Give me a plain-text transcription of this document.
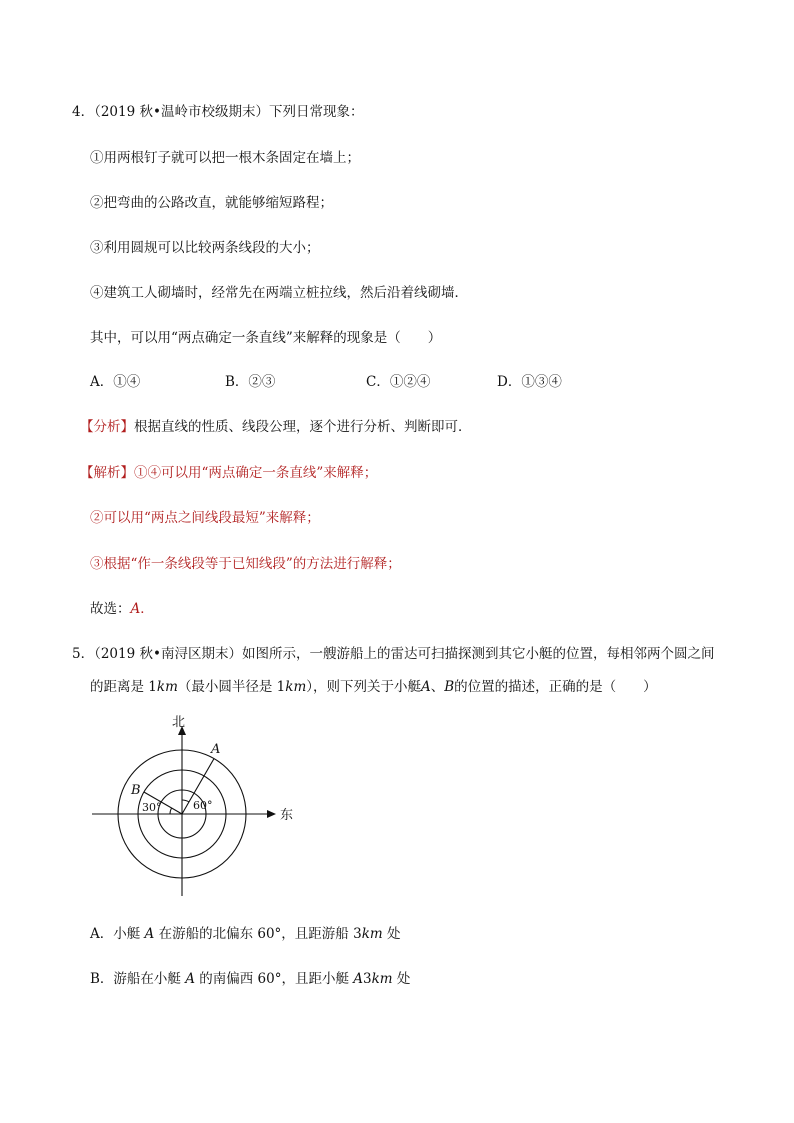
4．（2019 秋•温岭市校级期末）下列日常现象：
①用两根钉子就可以把一根木条固定在墙上；
②把弯曲的公路改直，就能够缩短路程；
③利用圆规可以比较两条线段的大小；
④建筑工人砌墙时，经常先在两端立桩拉线，然后沿着线砌墙．
其中，可以用“两点确定一条直线”来解释的现象是（　　）
A．①④	B．②③	C．①②④	D．①③④
【分析】根据直线的性质、线段公理，逐个进行分析、判断即可．
【解析】①④可以用“两点确定一条直线”来解释；
②可以用“两点之间线段最短”来解释；
③根据“作一条线段等于已知线段”的方法进行解释；
故选：A．
5．（2019 秋•南浔区期末）如图所示，一艘游船上的雷达可扫描探测到其它小艇的位置，每相邻两个圆之间
的距离是 1km（最小圆半径是 1km），则下列关于小艇A、B的位置的描述，正确的是（　　）
北
东
A
B
60°
30°
A．小艇 A 在游船的北偏东 60°，且距游船 3km 处
B．游船在小艇 A 的南偏西 60°，且距小艇 A3km 处
